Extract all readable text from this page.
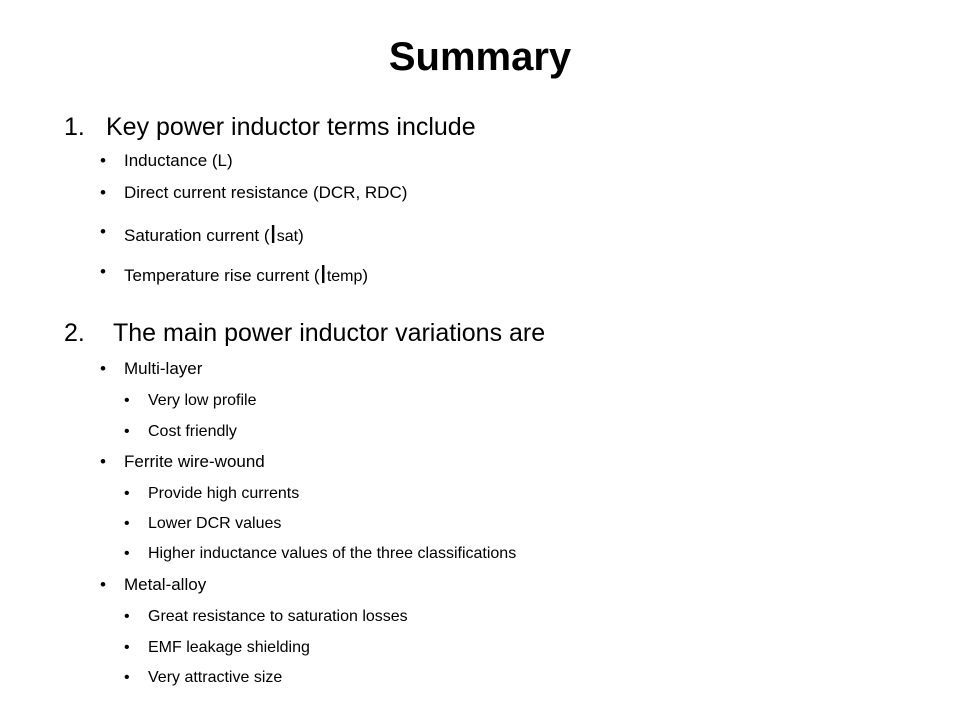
Summary
1. Key power inductor terms include
• Inductance (L)
• Direct current resistance (DCR, RDC)
• Saturation current (Isat)
• Temperature rise current (Itemp)
2. The main power inductor variations are
• Multi-layer
• Very low profile
• Cost friendly
• Ferrite wire-wound
• Provide high currents
• Lower DCR values
• Higher inductance values of the three classifications
• Metal-alloy
• Great resistance to saturation losses
• EMF leakage shielding
• Very attractive size
